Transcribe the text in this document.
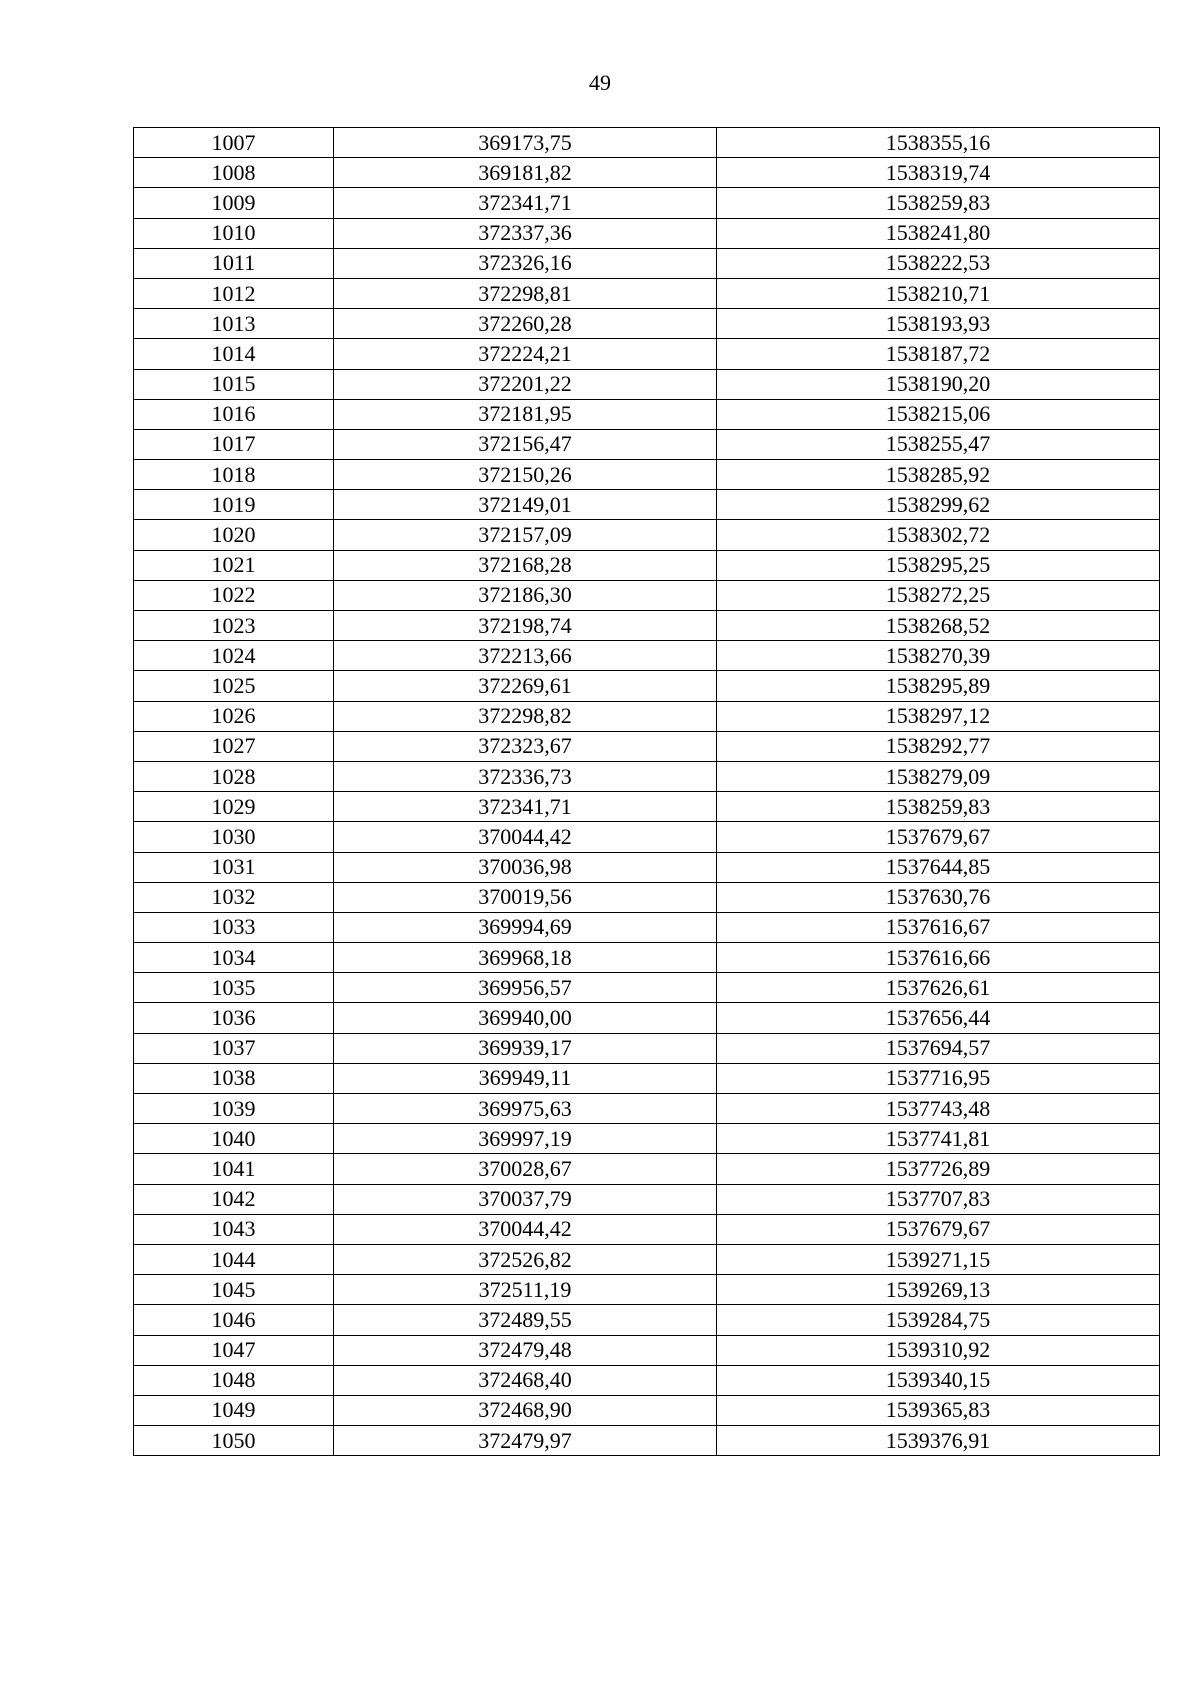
49
1007	369173,75	1538355,16
1008	369181,82	1538319,74
1009	372341,71	1538259,83
1010	372337,36	1538241,80
1011	372326,16	1538222,53
1012	372298,81	1538210,71
1013	372260,28	1538193,93
1014	372224,21	1538187,72
1015	372201,22	1538190,20
1016	372181,95	1538215,06
1017	372156,47	1538255,47
1018	372150,26	1538285,92
1019	372149,01	1538299,62
1020	372157,09	1538302,72
1021	372168,28	1538295,25
1022	372186,30	1538272,25
1023	372198,74	1538268,52
1024	372213,66	1538270,39
1025	372269,61	1538295,89
1026	372298,82	1538297,12
1027	372323,67	1538292,77
1028	372336,73	1538279,09
1029	372341,71	1538259,83
1030	370044,42	1537679,67
1031	370036,98	1537644,85
1032	370019,56	1537630,76
1033	369994,69	1537616,67
1034	369968,18	1537616,66
1035	369956,57	1537626,61
1036	369940,00	1537656,44
1037	369939,17	1537694,57
1038	369949,11	1537716,95
1039	369975,63	1537743,48
1040	369997,19	1537741,81
1041	370028,67	1537726,89
1042	370037,79	1537707,83
1043	370044,42	1537679,67
1044	372526,82	1539271,15
1045	372511,19	1539269,13
1046	372489,55	1539284,75
1047	372479,48	1539310,92
1048	372468,40	1539340,15
1049	372468,90	1539365,83
1050	372479,97	1539376,91
